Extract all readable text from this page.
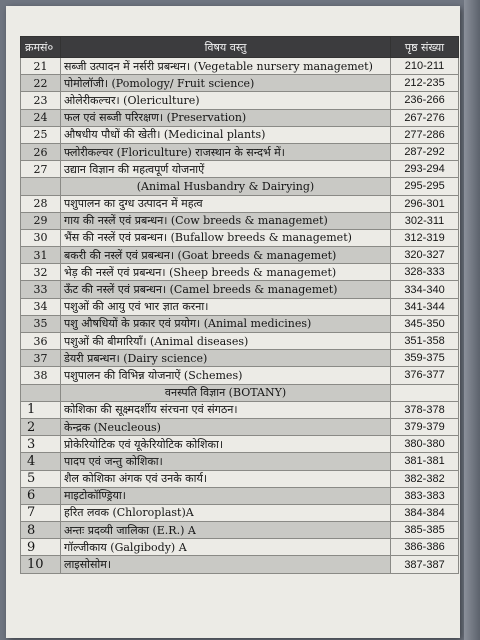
क्रमसं०	विषय वस्तु	पृष्ठ संख्या
21	सब्जी उत्पादन में नर्सरी प्रबन्धन। (Vegetable nursery managemet)	210-211
22	पोमोलॉजी। (Pomology/ Fruit science)	212-235
23	ओलेरीकल्चर। (Olericulture)	236-266
24	फल एवं सब्जी परिरक्षण। (Preservation)	267-276
25	औषधीय पौधों की खेती। (Medicinal plants)	277-286
26	फ्लोरीकल्चर (Floriculture) राजस्थान के सन्दर्भ में।	287-292
27	उद्यान विज्ञान की महत्वपूर्ण योजनाऐं	293-294
	(Animal Husbandry & Dairying)	295-295
28	पशुपालन का दुग्ध उत्पादन में महत्व	296-301
29	गाय की नस्लें एवं प्रबन्धन। (Cow breeds & managemet)	302-311
30	भैंस की नस्लें एवं प्रबन्धन। (Bufallow breeds & managemet)	312-319
31	बकरी की नस्लें एवं प्रबन्धन। (Goat breeds & managemet)	320-327
32	भेड़ की नस्लें एवं प्रबन्धन। (Sheep breeds & managemet)	328-333
33	ऊँट की नस्लें एवं प्रबन्धन। (Camel breeds & managemet)	334-340
34	पशुओं की आयु एवं भार ज्ञात करना।	341-344
35	पशु औषधियों के प्रकार एवं प्रयोग। (Animal medicines)	345-350
36	पशुओं की बीमारियाँ। (Animal diseases)	351-358
37	डेयरी प्रबन्धन। (Dairy science)	359-375
38	पशुपालन की विभिन्न योजनाऐं (Schemes)	376-377
	वनस्पति विज्ञान (BOTANY)	
1	कोशिका की सूक्ष्मदर्शीय संरचना एवं संगठन।	378-378
2	केन्द्रक (Neucleous)	379-379
3	प्रोकेरियोटिक एवं यूकेरियोटिक कोशिका।	380-380
4	पादप एवं जन्तु कोशिका।	381-381
5	शैल कोशिका अंगक एवं उनके कार्य।	382-382
6	माइटोकॉण्ड्रिया।	383-383
7	हरित लवक (Chloroplast)A	384-384
8	अन्तः प्रदव्यी जालिका (E.R.) A	385-385
9	गॉल्जीकाय (Galgibody) A	386-386
10	लाइसोसोम।	387-387
